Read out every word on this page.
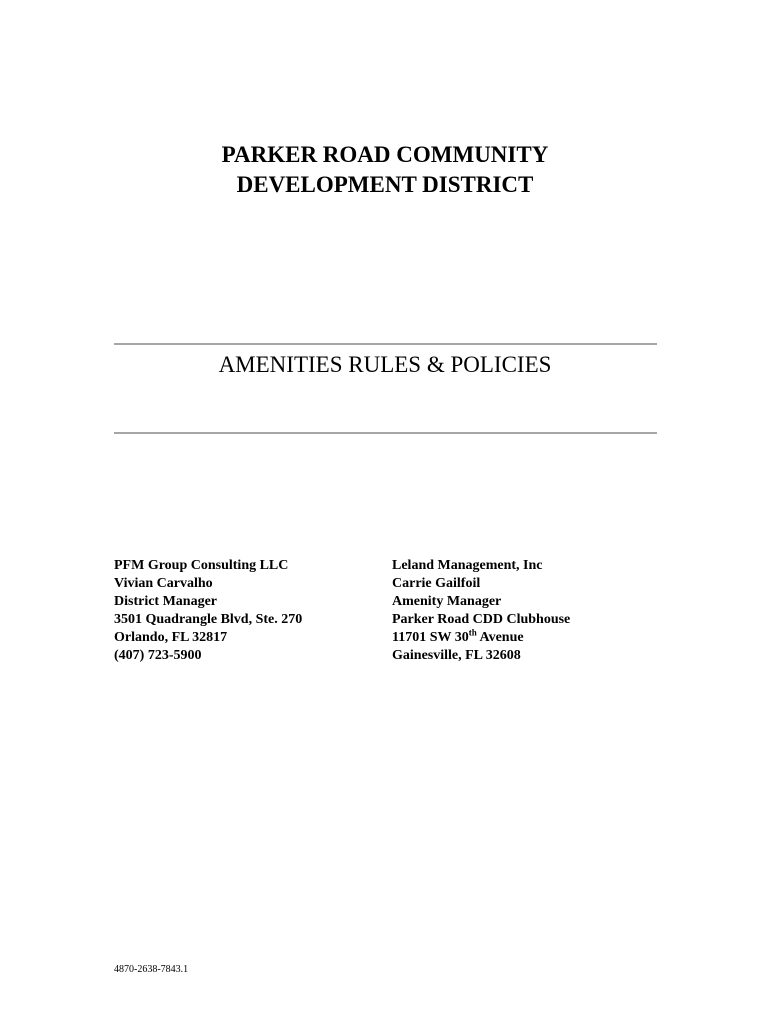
PARKER ROAD COMMUNITY
DEVELOPMENT DISTRICT
AMENITIES RULES & POLICIES
PFM Group Consulting LLC
Vivian Carvalho
District Manager
3501 Quadrangle Blvd, Ste. 270
Orlando, FL 32817
(407) 723-5900
Leland Management, Inc
Carrie Gailfoil
Amenity Manager
Parker Road CDD Clubhouse
11701 SW 30th Avenue
Gainesville, FL 32608
4870-2638-7843.1
